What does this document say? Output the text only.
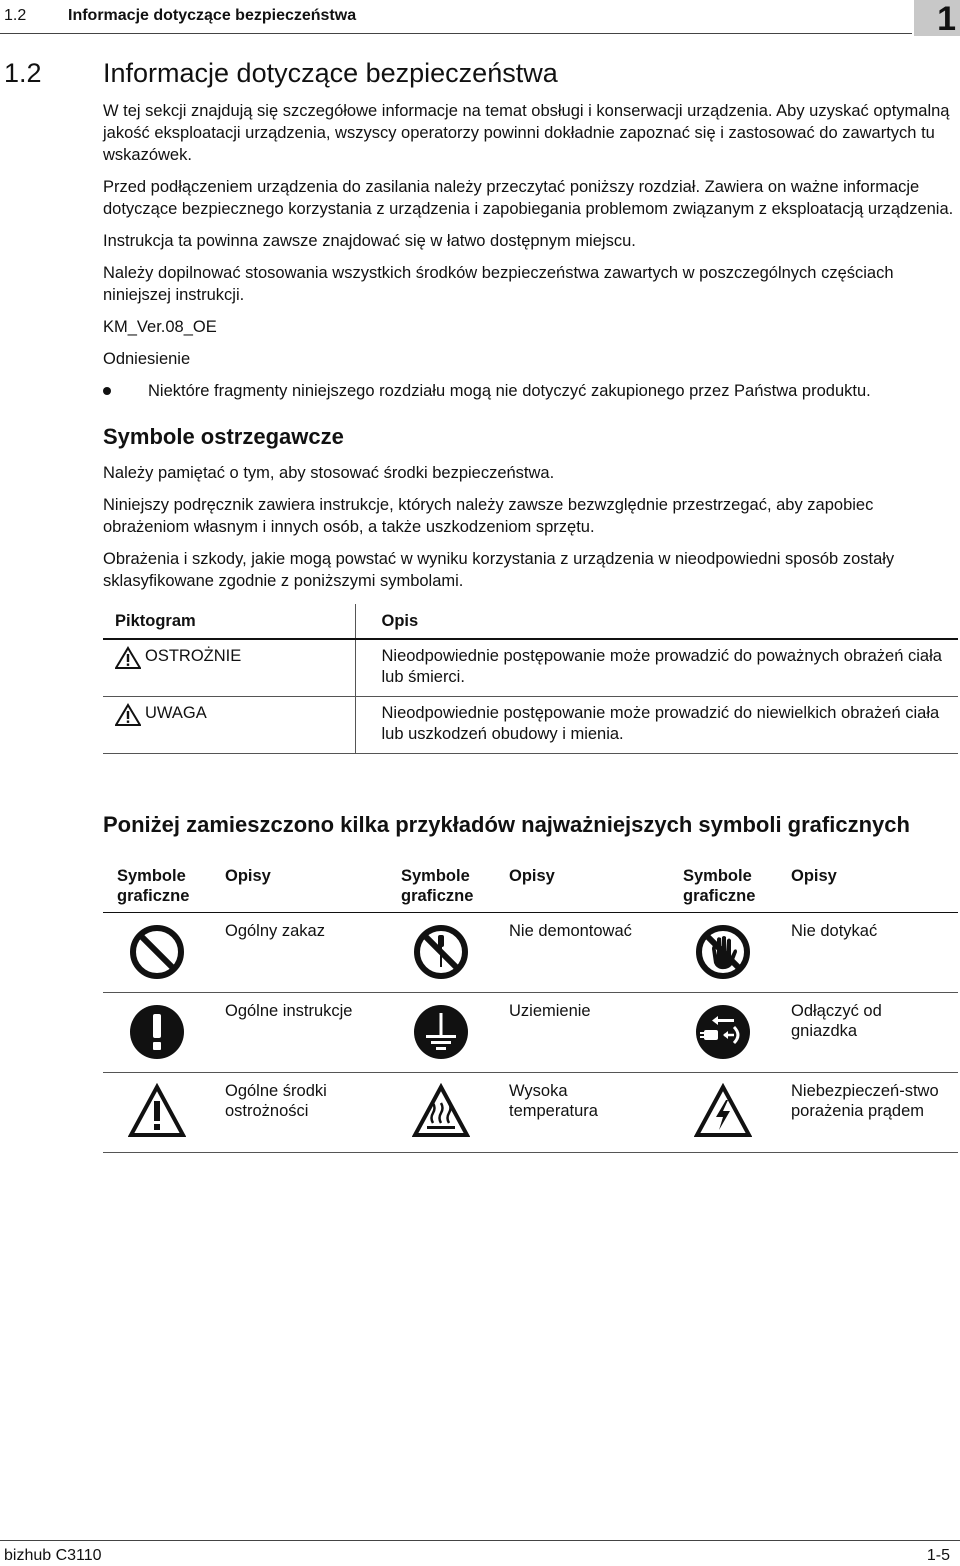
1.2	Informacje dotyczące bezpieczeństwa	1
1.2 Informacje dotyczące bezpieczeństwa

W tej sekcji znajdują się szczegółowe informacje na temat obsługi i konserwacji urządzenia. Aby uzyskać optymalną jakość eksploatacji urządzenia, wszyscy operatorzy powinni dokładnie zapoznać się i zastosować do zawartych tu wskazówek.

Przed podłączeniem urządzenia do zasilania należy przeczytać poniższy rozdział. Zawiera on ważne informacje dotyczące bezpiecznego korzystania z urządzenia i zapobiegania problemom związanym z eksploatacją urządzenia.

Instrukcja ta powinna zawsze znajdować się w łatwo dostępnym miejscu.

Należy dopilnować stosowania wszystkich środków bezpieczeństwa zawartych w poszczególnych częściach niniejszej instrukcji.

KM_Ver.08_OE

Odniesienie

Niektóre fragmenty niniejszego rozdziału mogą nie dotyczyć zakupionego przez Państwa produktu.

Symbole ostrzegawcze

Należy pamiętać o tym, aby stosować środki bezpieczeństwa.

Niniejszy podręcznik zawiera instrukcje, których należy zawsze bezwzględnie przestrzegać, aby zapobiec obrażeniom własnym i innych osób, a także uszkodzeniom sprzętu.

Obrażenia i szkody, jakie mogą powstać w wyniku korzystania z urządzenia w nieodpowiedni sposób zostały sklasyfikowane zgodnie z poniższymi symbolami.

Piktogram	Opis

OSTROŻNIE	Nieodpowiednie postępowanie może prowadzić do poważnych obrażeń ciała lub śmierci.

UWAGA	Nieodpowiednie postępowanie może prowadzić do niewielkich obrażeń ciała lub uszkodzeń obudowy i mienia.
Poniżej zamieszczono kilka przykładów najważniejszych symboli graficznych
Symbole graficzne	Opisy	Symbole graficzne	Opisy	Symbole graficzne	Opisy
	Ogólny zakaz		Nie demontować		Nie dotykać
	Ogólne instrukcje		Uziemienie		Odłączyć od gniazdka
	Ogólne środki ostrożności		Wysoka temperatura		Niebezpieczeń-stwo porażenia prądem
bizhub C3110	1-5
